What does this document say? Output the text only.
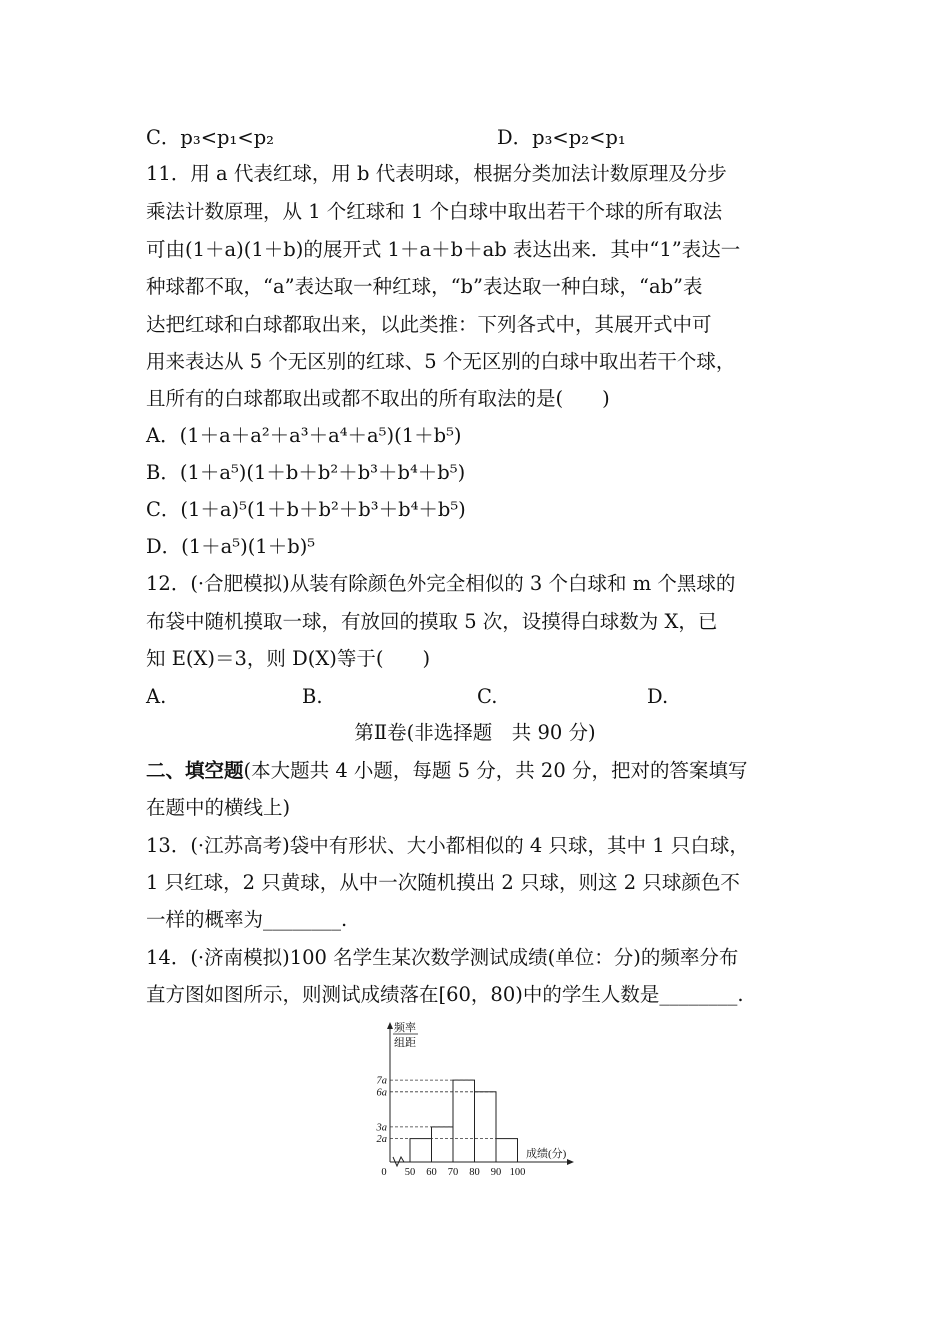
C．p₃<p₁<p₂	D．p₃<p₂<p₁
11．用 a 代表红球，用 b 代表明球，根据分类加法计数原理及分步
乘法计数原理，从 1 个红球和 1 个白球中取出若干个球的所有取法
可由(1＋a)(1＋b)的展开式 1＋a＋b＋ab 表达出来．其中“1”表达一
种球都不取，“a”表达取一种红球，“b”表达取一种白球，“ab”表
达把红球和白球都取出来，以此类推：下列各式中，其展开式中可
用来表达从 5 个无区别的红球、5 个无区别的白球中取出若干个球，
且所有的白球都取出或都不取出的所有取法的是(　　)
A．(1＋a＋a²＋a³＋a⁴＋a⁵)(1＋b⁵)
B．(1＋a⁵)(1＋b＋b²＋b³＋b⁴＋b⁵)
C．(1＋a)⁵(1＋b＋b²＋b³＋b⁴＋b⁵)
D．(1＋a⁵)(1＋b)⁵
12．(·合肥模拟)从装有除颜色外完全相似的 3 个白球和 m 个黑球的
布袋中随机摸取一球，有放回的摸取 5 次，设摸得白球数为 X，已
知 E(X)＝3，则 D(X)等于(　　)
A.	B.	C.	D.
第Ⅱ卷(非选择题　共 90 分)
二、填空题(本大题共 4 小题，每题 5 分，共 20 分，把对的答案填写
在题中的横线上)
13．(·江苏高考)袋中有形状、大小都相似的 4 只球，其中 1 只白球，
1 只红球，2 只黄球，从中一次随机摸出 2 只球，则这 2 只球颜色不
一样的概率为________.
14．(·济南模拟)100 名学生某次数学测试成绩(单位：分)的频率分布
直方图如图所示，则测试成绩落在[60，80)中的学生人数是________.
频率
组距
7a
6a
3a
2a
50 60 70 80 90 100
0
成绩(分)
